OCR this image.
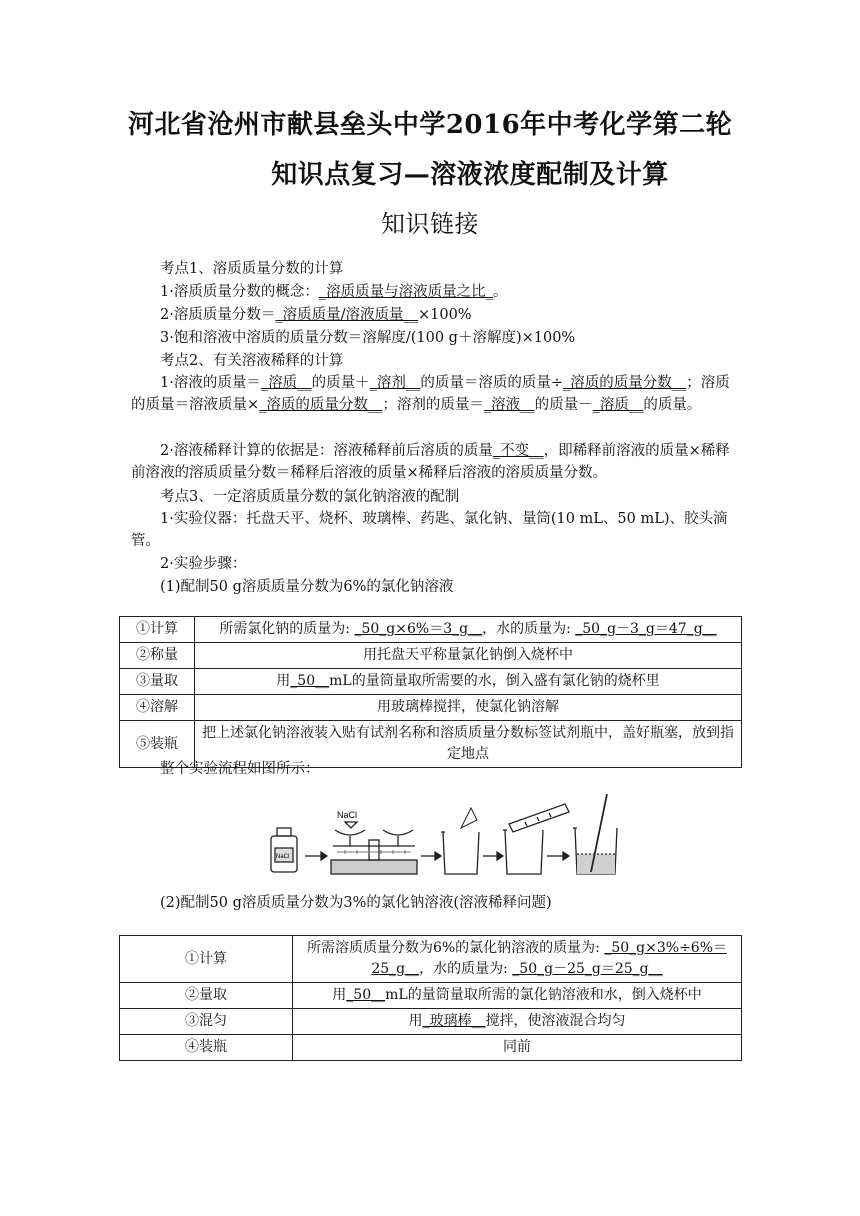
河北省沧州市献县垒头中学2016年中考化学第二轮
知识点复习—溶液浓度配制及计算
知识链接
考点1、溶质质量分数的计算
1·溶质质量分数的概念：_溶质质量与溶液质量之比_。
2·溶质质量分数＝_溶质质量/溶液质量__×100%
3·饱和溶液中溶质的质量分数＝溶解度/(100 g＋溶解度)×100%
考点2、有关溶液稀释的计算
1·溶液的质量＝_溶质__的质量＋_溶剂__的质量＝溶质的质量÷_溶质的质量分数__；溶质的质量＝溶液质量×_溶质的质量分数__；溶剂的质量＝_溶液__的质量－_溶质__的质量。
2·溶液稀释计算的依据是：溶液稀释前后溶质的质量_不变__，即稀释前溶液的质量×稀释前溶液的溶质质量分数＝稀释后溶液的质量×稀释后溶液的溶质质量分数。
考点3、一定溶质质量分数的氯化钠溶液的配制
1·实验仪器：托盘天平、烧杯、玻璃棒、药匙、氯化钠、量筒(10 mL、50 mL)、胶头滴管。
2·实验步骤：
(1)配制50 g溶质质量分数为6%的氯化钠溶液
①计算	所需氯化钠的质量为: _50_g×6%＝3_g__，水的质量为: _50_g－3_g＝47_g__
②称量	用托盘天平称量氯化钠倒入烧杯中
③量取	用_50__mL的量筒量取所需要的水，倒入盛有氯化钠的烧杯里
④溶解	用玻璃棒搅拌，使氯化钠溶解
⑤装瓶	把上述氯化钠溶液装入贴有试剂名称和溶质质量分数标签试剂瓶中，盖好瓶塞，放到指定地点
整个实验流程如图所示：
NaCl
NaCl
(2)配制50 g溶质质量分数为3%的氯化钠溶液(溶液稀释问题)
①计算	所需溶质质量分数为6%的氯化钠溶液的质量为: _50_g×3%÷6%＝25_g__，水的质量为: _50_g－25_g＝25_g__
②量取	用_50__mL的量筒量取所需的氯化钠溶液和水，倒入烧杯中
③混匀	用_玻璃棒__搅拌，使溶液混合均匀
④装瓶	同前
